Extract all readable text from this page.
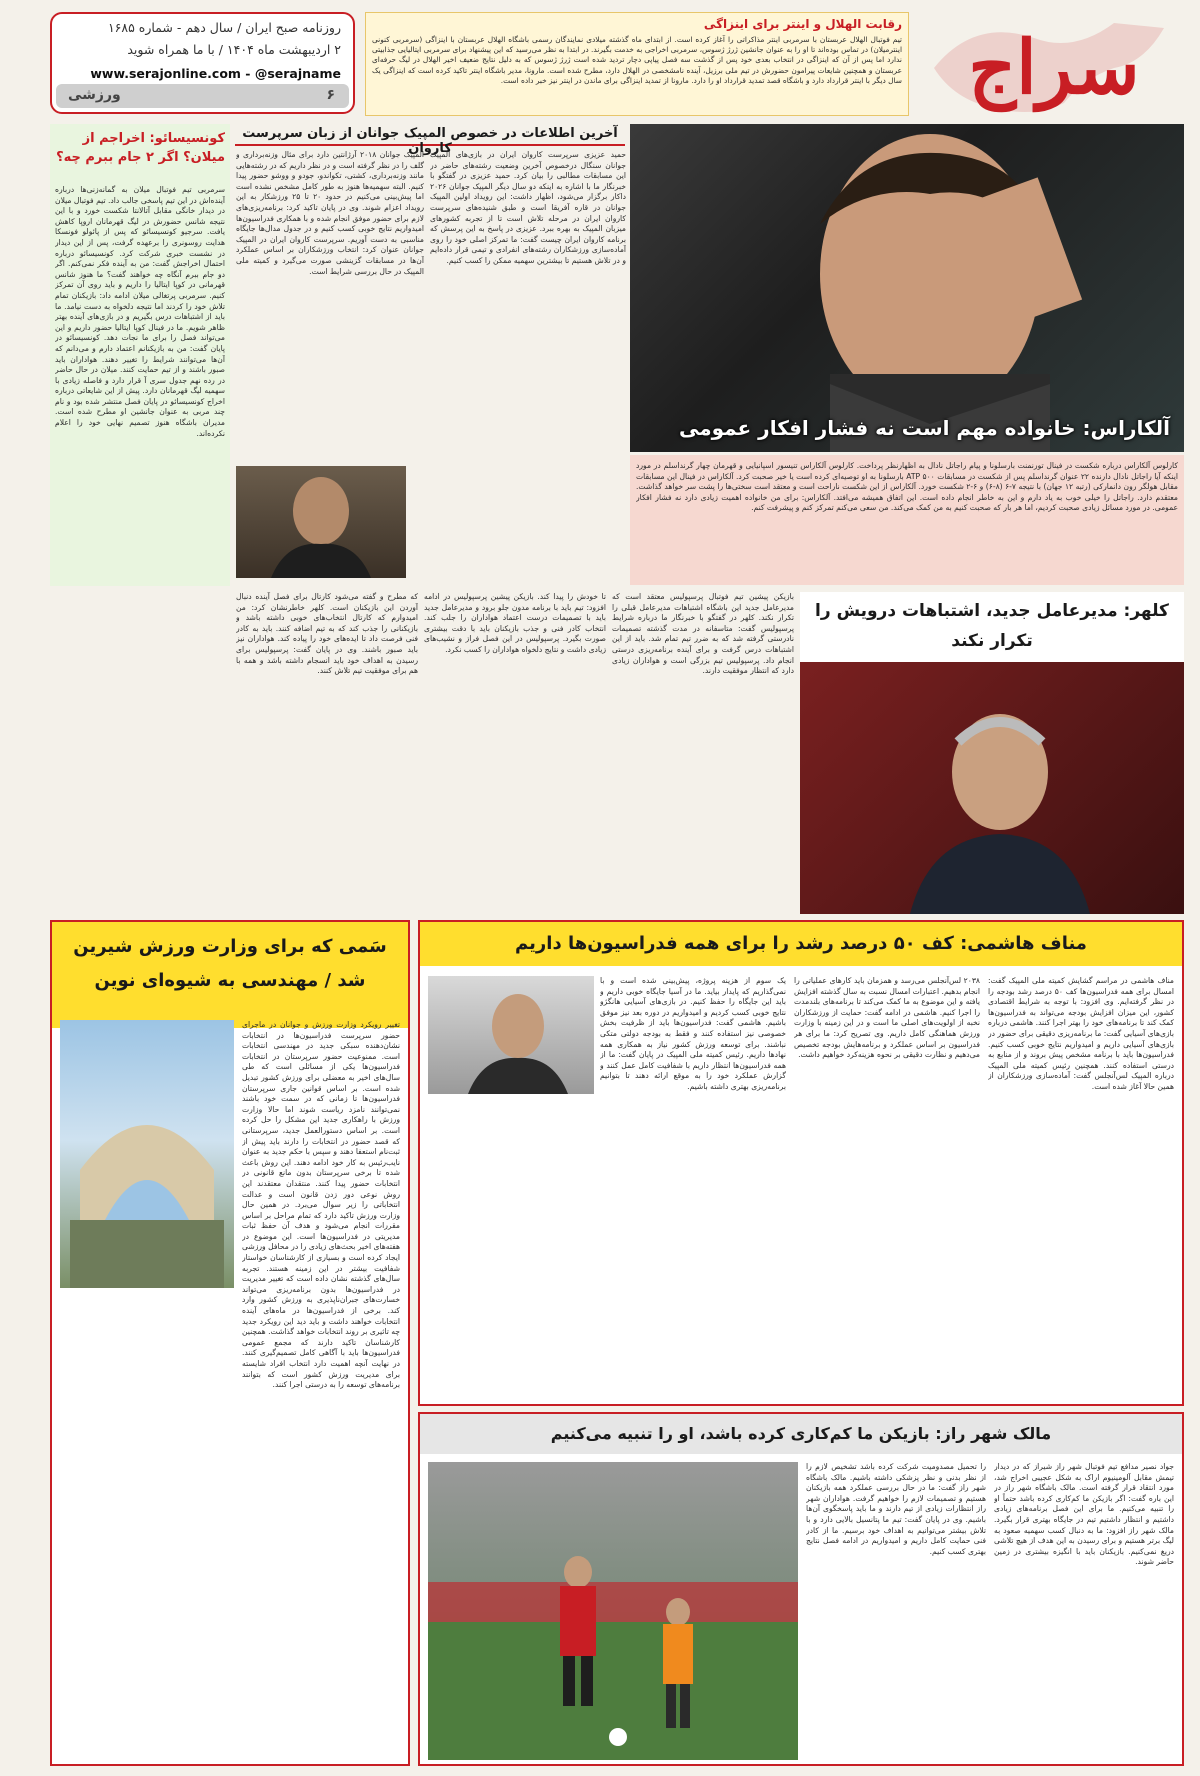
روزنامه صبح ایران / سال دهم - شماره ۱۶۸۵
۲ اردیبهشت ماه ۱۴۰۴ / با ما همراه شوید
www.serajonline.com - @serajname
ورزشی	۶
رقابت الهلال و اینتر برای اینزاگی
تیم فوتبال الهلال عربستان با سرمربی اینتر مذاکراتی را آغاز کرده است. از ابتدای ماه گذشته میلادی نمایندگان رسمی باشگاه الهلال عربستان با اینزاگی (سرمربی کنونی اینترمیلان) در تماس بوده‌اند تا او را به عنوان جانشین ژرژ ژسوس، سرمربی اخراجی به خدمت بگیرند. در ابتدا به نظر می‌رسید که این پیشنهاد برای سرمربی ایتالیایی جذابیتی ندارد اما پس از آن که اینزاگی در انتخاب بعدی خود پس از گذشت سه فصل پیاپی دچار تردید شده است ژرژ ژسوس که به دلیل نتایج ضعیف اخیر الهلال در لیگ حرفه‌ای عربستان و همچنین شایعات پیرامون حضورش در تیم ملی برزیل، آینده نامشخصی در الهلال دارد، مطرح شده است. مارونا، مدیر باشگاه اینتر تاکید کرده است که اینزاگی یک سال دیگر با اینتر قرارداد دارد و باشگاه قصد تمدید قرارداد او را دارد. مارونا از تمدید اینزاگی برای ماندن در اینتر نیز خبر داده است. سراج
آلکاراس: خانواده مهم است نه فشار افکار عمومی
کارلوس آلکاراس درباره شکست در فینال تورنمنت بارسلونا و پیام راجاتل نادال به اظهارنظر پرداخت. کارلوس آلکاراس تنیسور اسپانیایی و قهرمان چهار گرنداسلم در مورد اینکه آیا راجاتل نادال دارنده ۲۲ عنوان گرنداسلم پس از شکست در مسابقات ATP ۵۰۰ بارسلونا به او توصیه‌ای کرده است یا خیر صحبت کرد. آلکاراس در فینال این مسابقات مقابل هولگر رون دانمارکی (رتبه ۱۲ جهان) با نتیجه ۷-۶ (۸-۶) و ۶-۲ شکست خورد. آلکاراس از این شکست ناراحت است و معتقد است سختی‌ها را پشت سر خواهد گذاشت. معتقدم دارد. راجاتل را خیلی خوب به یاد دارم و این به خاطر انجام داده است. این اتفاق همیشه می‌افتد. آلکاراس: برای من خانواده اهمیت زیادی دارد نه فشار افکار عمومی. در مورد مسائل زیادی صحبت کردیم، اما هر بار که صحبت کنیم به من کمک می‌کند. من سعی می‌کنم تمرکز کنم و پیشرفت کنم.
آخرین اطلاعات در خصوص المپیک جوانان از زبان سرپرست کاروان
حمید عزیزی سرپرست کاروان ایران در بازی‌های المپیک جوانان سنگال درخصوص آخرین وضعیت رشته‌های حاضر در این مسابقات مطالبی را بیان کرد. حمید عزیزی در گفتگو با خبرنگار ما با اشاره به اینکه دو سال دیگر المپیک جوانان ۲۰۲۶ داکار برگزار می‌شود، اظهار داشت: این رویداد اولین المپیک جوانان در قاره آفریقا است و طبق شنیده‌های سرپرست کاروان ایران در مرحله تلاش است تا از تجربه کشورهای میزبان المپیک به بهره ببرد. عزیزی در پاسخ به این پرسش که برنامه کاروان ایران چیست گفت: ما تمرکز اصلی خود را روی آماده‌سازی ورزشکاران رشته‌های انفرادی و تیمی قرار داده‌ایم و در تلاش هستیم تا بیشترین سهمیه ممکن را کسب کنیم.
المپیک جوانان ۲۰۱۸ آرژانتین دارد برای مثال وزنه‌برداری و گلف را در نظر گرفته است و در نظر داریم که در رشته‌هایی مانند وزنه‌برداری، کشتی، تکواندو، جودو و ووشو حضور پیدا کنیم. البته سهمیه‌ها هنوز به طور کامل مشخص نشده است اما پیش‌بینی می‌کنیم در حدود ۲۰ تا ۲۵ ورزشکار به این رویداد اعزام شوند. وی در پایان تاکید کرد: برنامه‌ریزی‌های لازم برای حضور موفق انجام شده و با همکاری فدراسیون‌ها امیدواریم نتایج خوبی کسب کنیم و در جدول مدال‌ها جایگاه مناسبی به دست آوریم. سرپرست کاروان ایران در المپیک جوانان عنوان کرد: انتخاب ورزشکاران بر اساس عملکرد آن‌ها در مسابقات گزینشی صورت می‌گیرد و کمیته ملی المپیک در حال بررسی شرایط است.
کونسیسائو: اخراجم از میلان؟ اگر ۲ جام ببرم چه؟
سرمربی تیم فوتبال میلان به گمانه‌زنی‌ها درباره آینده‌اش در این تیم پاسخی جالب داد. تیم فوتبال میلان در دیدار خانگی مقابل آتالانتا شکست خورد و با این نتیجه شانس حضورش در لیگ قهرمانان اروپا کاهش یافت. سرجیو کونسیسائو که پس از پائولو فونسکا هدایت روسونری را برعهده گرفت، پس از این دیدار در نشست خبری شرکت کرد. کونسیسائو درباره احتمال اخراجش گفت: من به آینده فکر نمی‌کنم. اگر دو جام ببرم آنگاه چه خواهند گفت؟ ما هنوز شانس قهرمانی در کوپا ایتالیا را داریم و باید روی آن تمرکز کنیم. سرمربی پرتغالی میلان ادامه داد: بازیکنان تمام تلاش خود را کردند اما نتیجه دلخواه به دست نیامد. ما باید از اشتباهات درس بگیریم و در بازی‌های آینده بهتر ظاهر شویم. ما در فینال کوپا ایتالیا حضور داریم و این می‌تواند فصل را برای ما نجات دهد. کونسیسائو در پایان گفت: من به بازیکنانم اعتماد دارم و می‌دانم که آن‌ها می‌توانند شرایط را تغییر دهند. هواداران باید صبور باشند و از تیم حمایت کنند. میلان در حال حاضر در رده نهم جدول سری آ قرار دارد و فاصله زیادی با سهمیه لیگ قهرمانان دارد. پیش از این شایعاتی درباره اخراج کونسیسائو در پایان فصل منتشر شده بود و نام چند مربی به عنوان جانشین او مطرح شده است. مدیران باشگاه هنوز تصمیم نهایی خود را اعلام نکرده‌اند.
کلهر: مدیرعامل جدید، اشتباهات درویش را تکرار نکند
بازیکن پیشین تیم فوتبال پرسپولیس معتقد است که مدیرعامل جدید این باشگاه اشتباهات مدیرعامل قبلی را تکرار نکند. کلهر در گفتگو با خبرنگار ما درباره شرایط پرسپولیس گفت: متاسفانه در مدت گذشته تصمیمات نادرستی گرفته شد که به ضرر تیم تمام شد. باید از این اشتباهات درس گرفت و برای آینده برنامه‌ریزی درستی انجام داد. پرسپولیس تیم بزرگی است و هواداران زیادی دارد که انتظار موفقیت دارند.
تا خودش را پیدا کند. بازیکن پیشین پرسپولیس در ادامه افزود: تیم باید با برنامه مدون جلو برود و مدیرعامل جدید باید با تصمیمات درست اعتماد هواداران را جلب کند. انتخاب کادر فنی و جذب بازیکنان باید با دقت بیشتری صورت بگیرد. پرسپولیس در این فصل فراز و نشیب‌های زیادی داشت و نتایج دلخواه هواداران را کسب نکرد.
که مطرح و گفته می‌شود کارتال برای فصل آینده دنبال آوردن این بازیکنان است. کلهر خاطرنشان کرد: من امیدوارم که کارتال انتخاب‌های خوبی داشته باشد و بازیکنانی را جذب کند که به تیم اضافه کنند. باید به کادر فنی فرصت داد تا ایده‌های خود را پیاده کند. هواداران نیز باید صبور باشند. وی در پایان گفت: پرسپولیس برای رسیدن به اهداف خود باید انسجام داشته باشد و همه با هم برای موفقیت تیم تلاش کنند.
سَمی که برای وزارت ورزش شیرین شد / مهندسی به شیوه‌ای نوین
تغییر رویکرد وزارت ورزش و جوانان در ماجرای حضور سرپرست فدراسیون‌ها در انتخابات نشان‌دهنده سبکی جدید در مهندسی انتخابات است. ممنوعیت حضور سرپرستان در انتخابات فدراسیون‌ها یکی از مسائلی است که طی سال‌های اخیر به معضلی برای ورزش کشور تبدیل شده است. بر اساس قوانین جاری سرپرستان فدراسیون‌ها تا زمانی که در سمت خود باشند نمی‌توانند نامزد ریاست شوند اما حالا وزارت ورزش با راهکاری جدید این مشکل را حل کرده است. بر اساس دستورالعمل جدید، سرپرستانی که قصد حضور در انتخابات را دارند باید پیش از ثبت‌نام استعفا دهند و سپس با حکم جدید به عنوان نایب‌رئیس به کار خود ادامه دهند. این روش باعث شده تا برخی سرپرستان بدون مانع قانونی در انتخابات حضور پیدا کنند. منتقدان معتقدند این روش نوعی دور زدن قانون است و عدالت انتخاباتی را زیر سوال می‌برد. در همین حال وزارت ورزش تاکید دارد که تمام مراحل بر اساس مقررات انجام می‌شود و هدف آن حفظ ثبات مدیریتی در فدراسیون‌ها است. این موضوع در هفته‌های اخیر بحث‌های زیادی را در محافل ورزشی ایجاد کرده است و بسیاری از کارشناسان خواستار شفافیت بیشتر در این زمینه هستند. تجربه سال‌های گذشته نشان داده است که تغییر مدیریت در فدراسیون‌ها بدون برنامه‌ریزی می‌تواند خسارت‌های جبران‌ناپذیری به ورزش کشور وارد کند. برخی از فدراسیون‌ها در ماه‌های آینده انتخابات خواهند داشت و باید دید این رویکرد جدید چه تاثیری بر روند انتخابات خواهد گذاشت. همچنین کارشناسان تاکید دارند که مجمع عمومی فدراسیون‌ها باید با آگاهی کامل تصمیم‌گیری کنند. در نهایت آنچه اهمیت دارد انتخاب افراد شایسته برای مدیریت ورزش کشور است که بتوانند برنامه‌های توسعه را به درستی اجرا کنند.
مناف هاشمی: کف ۵۰ درصد رشد را برای همه فدراسیون‌ها داریم
مناف هاشمی در مراسم گشایش کمیته ملی المپیک گفت: امسال برای همه فدراسیون‌ها کف ۵۰ درصد رشد بودجه را در نظر گرفته‌ایم. وی افزود: با توجه به شرایط اقتصادی کشور، این میزان افزایش بودجه می‌تواند به فدراسیون‌ها کمک کند تا برنامه‌های خود را بهتر اجرا کنند. هاشمی درباره بازی‌های آسیایی گفت: ما برنامه‌ریزی دقیقی برای حضور در بازی‌های آسیایی داریم و امیدواریم نتایج خوبی کسب کنیم. فدراسیون‌ها باید با برنامه مشخص پیش بروند و از منابع به درستی استفاده کنند. همچنین رئیس کمیته ملی المپیک درباره المپیک لس‌آنجلس گفت: آماده‌سازی ورزشکاران از همین حالا آغاز شده است.
۲۰۳۸ لس‌آنجلس می‌رسد و همزمان باید کارهای عملیاتی را انجام بدهیم. اعتبارات امسال نسبت به سال گذشته افزایش یافته و این موضوع به ما کمک می‌کند تا برنامه‌های بلندمدت را اجرا کنیم. هاشمی در ادامه گفت: حمایت از ورزشکاران نخبه از اولویت‌های اصلی ما است و در این زمینه با وزارت ورزش هماهنگی کامل داریم. وی تصریح کرد: ما برای هر فدراسیون بر اساس عملکرد و برنامه‌هایش بودجه تخصیص می‌دهیم و نظارت دقیقی بر نحوه هزینه‌کرد خواهیم داشت.
یک سوم از هزینه پروژه، پیش‌بینی شده است و با نمی‌گذاریم که پایدار بیاید. ما در آسیا جایگاه خوبی داریم و باید این جایگاه را حفظ کنیم. در بازی‌های آسیایی هانگژو نتایج خوبی کسب کردیم و امیدواریم در دوره بعد نیز موفق باشیم. هاشمی گفت: فدراسیون‌ها باید از ظرفیت بخش خصوصی نیز استفاده کنند و فقط به بودجه دولتی متکی نباشند. برای توسعه ورزش کشور نیاز به همکاری همه نهادها داریم. رئیس کمیته ملی المپیک در پایان گفت: ما از همه فدراسیون‌ها انتظار داریم با شفافیت کامل عمل کنند و گزارش عملکرد خود را به موقع ارائه دهند تا بتوانیم برنامه‌ریزی بهتری داشته باشیم.
مالک شهر راز: بازیکن ما کم‌کاری کرده باشد، او را تنبیه می‌کنیم
جواد نصیر مدافع تیم فوتبال شهر راز شیراز که در دیدار تیمش مقابل آلومینیوم اراک به شکل عجیبی اخراج شد، مورد انتقاد قرار گرفته است. مالک باشگاه شهر راز در این باره گفت: اگر بازیکن ما کم‌کاری کرده باشد حتماً او را تنبیه می‌کنیم. ما برای این فصل برنامه‌های زیادی داشتیم و انتظار داشتیم تیم در جایگاه بهتری قرار بگیرد. مالک شهر راز افزود: ما به دنبال کسب سهمیه صعود به لیگ برتر هستیم و برای رسیدن به این هدف از هیچ تلاشی دریغ نمی‌کنیم. بازیکنان باید با انگیزه بیشتری در زمین حاضر شوند.
را تحمیل مصدومیت شرکت کرده باشد تشخیص لازم را از نظر بدنی و نظر پزشکی داشته باشیم. مالک باشگاه شهر راز گفت: ما در حال بررسی عملکرد همه بازیکنان هستیم و تصمیمات لازم را خواهیم گرفت. هواداران شهر راز انتظارات زیادی از تیم دارند و ما باید پاسخگوی آن‌ها باشیم. وی در پایان گفت: تیم ما پتانسیل بالایی دارد و با تلاش بیشتر می‌توانیم به اهداف خود برسیم. ما از کادر فنی حمایت کامل داریم و امیدواریم در ادامه فصل نتایج بهتری کسب کنیم.
